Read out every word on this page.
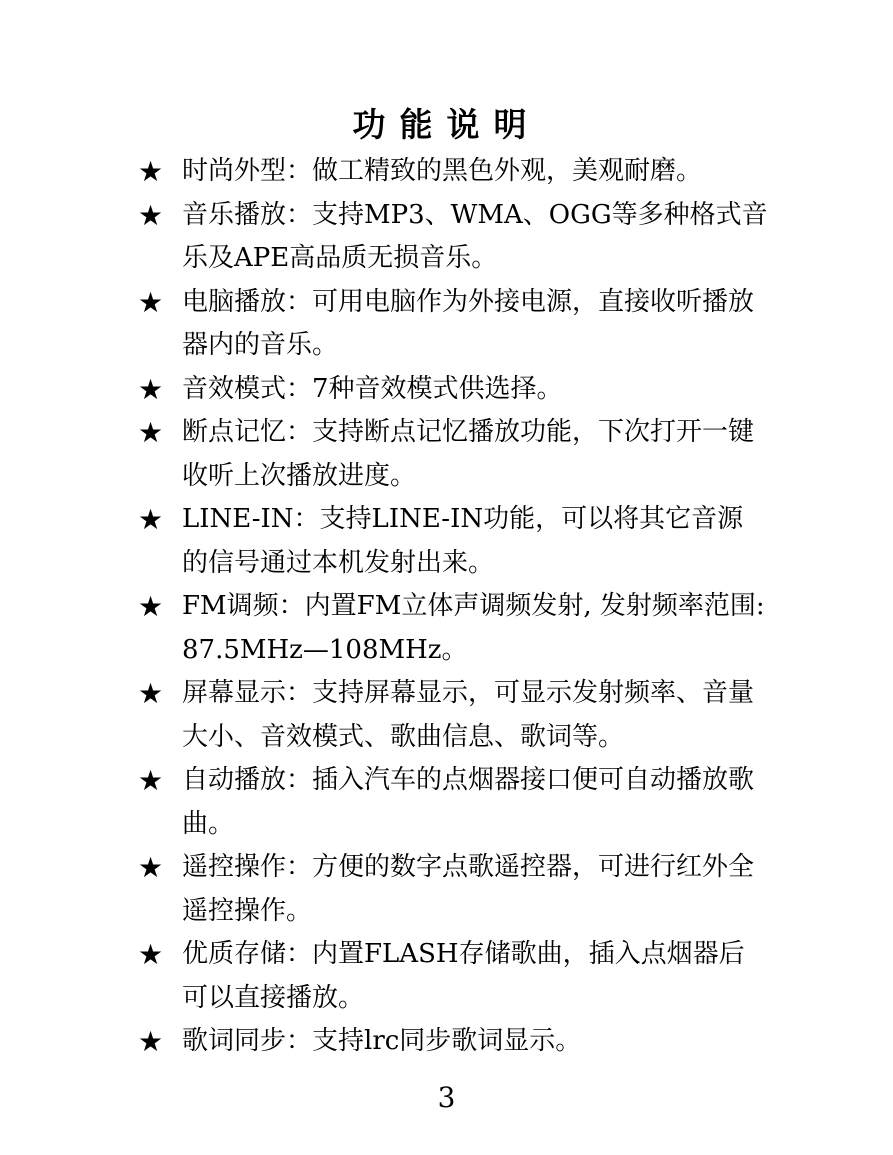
功能说明
★ 时尚外型：做工精致的黑色外观，美观耐磨。
★ 音乐播放：支持MP3、WMA、OGG等多种格式音乐及APE高品质无损音乐。
★ 电脑播放：可用电脑作为外接电源，直接收听播放器内的音乐。
★ 音效模式：7种音效模式供选择。
★ 断点记忆：支持断点记忆播放功能，下次打开一键收听上次播放进度。
★ LINE-IN：支持LINE-IN功能，可以将其它音源的信号通过本机发射出来。
★ FM调频：内置FM立体声调频发射, 发射频率范围: 87.5MHz—108MHz。
★ 屏幕显示：支持屏幕显示，可显示发射频率、音量大小、音效模式、歌曲信息、歌词等。
★ 自动播放：插入汽车的点烟器接口便可自动播放歌曲。
★ 遥控操作：方便的数字点歌遥控器，可进行红外全遥控操作。
★ 优质存储：内置FLASH存储歌曲，插入点烟器后可以直接播放。
★ 歌词同步：支持lrc同步歌词显示。
3
